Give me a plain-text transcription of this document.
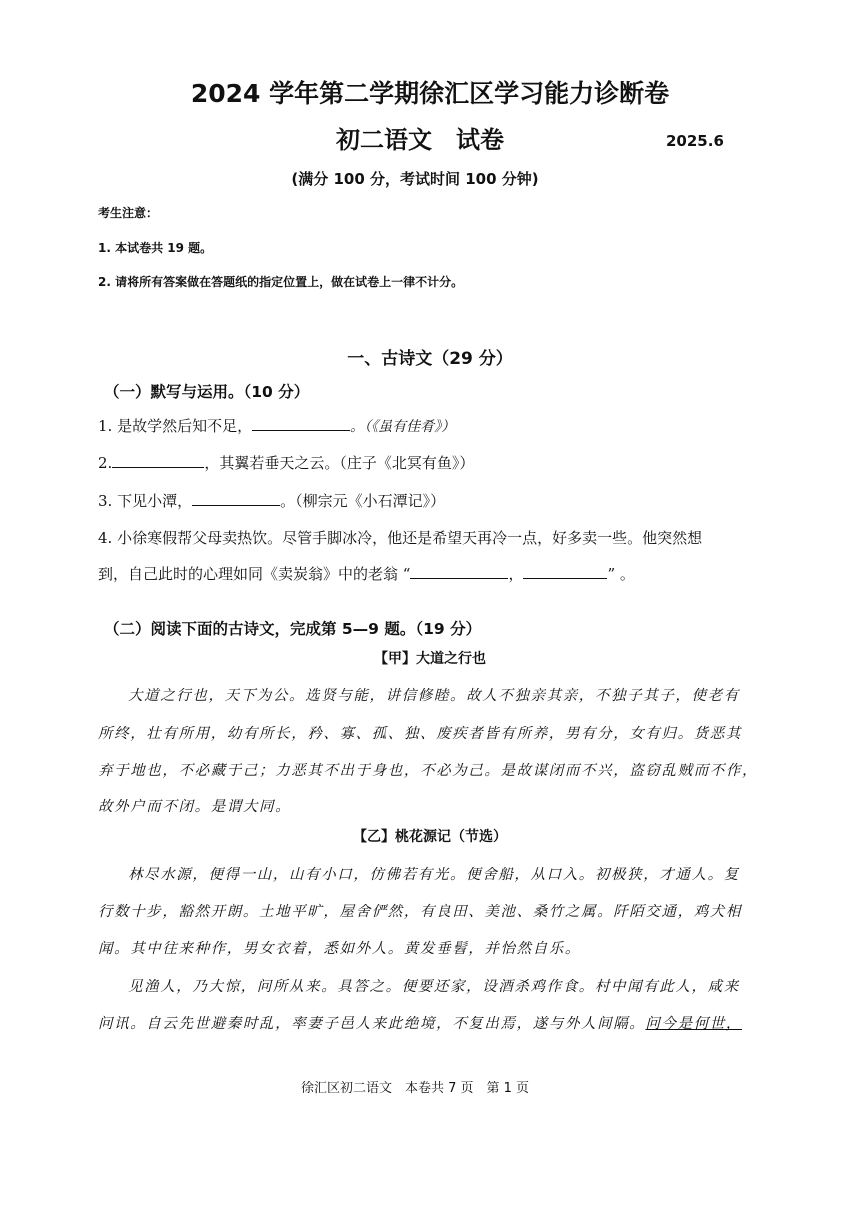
2024 学年第二学期徐汇区学习能力诊断卷
初二语文　试卷	2025.6
(满分 100 分，考试时间 100 分钟)
考生注意：
1. 本试卷共 19 题。
2. 请将所有答案做在答题纸的指定位置上，做在试卷上一律不计分。
一、古诗文（29 分）
（一）默写与运用。（10 分）
1. 是故学然后知不足，	。（《虽有佳肴》）
2.	，其翼若垂天之云。（庄子《北冥有鱼》）
3. 下见小潭，	。（柳宗元《小石潭记》）
4. 小徐寒假帮父母卖热饮。尽管手脚冰冷，他还是希望天再冷一点，好多卖一些。他突然想
到，自己此时的心理如同《卖炭翁》中的老翁 “	，	” 。
（二）阅读下面的古诗文，完成第 5—9 题。（19 分）
【甲】大道之行也
大道之行也，天下为公。选贤与能，讲信修睦。故人不独亲其亲，不独子其子，使老有
所终，壮有所用，幼有所长，矜、寡、孤、独、废疾者皆有所养，男有分，女有归。货恶其
弃于地也，不必藏于己；力恶其不出于身也，不必为己。是故谋闭而不兴，盗窃乱贼而不作，
故外户而不闭。是谓大同。
【乙】桃花源记（节选）
林尽水源，便得一山，山有小口，仿佛若有光。便舍船，从口入。初极狭，才通人。复
行数十步，豁然开朗。土地平旷，屋舍俨然，有良田、美池、桑竹之属。阡陌交通，鸡犬相
闻。其中往来种作，男女衣着，悉如外人。黄发垂髫，并怡然自乐。
见渔人，乃大惊，问所从来。具答之。便要还家，设酒杀鸡作食。村中闻有此人，咸来
问讯。自云先世避秦时乱，率妻子邑人来此绝境，不复出焉，遂与外人间隔。问今是何世，
徐汇区初二语文　本卷共 7 页　第 1 页
